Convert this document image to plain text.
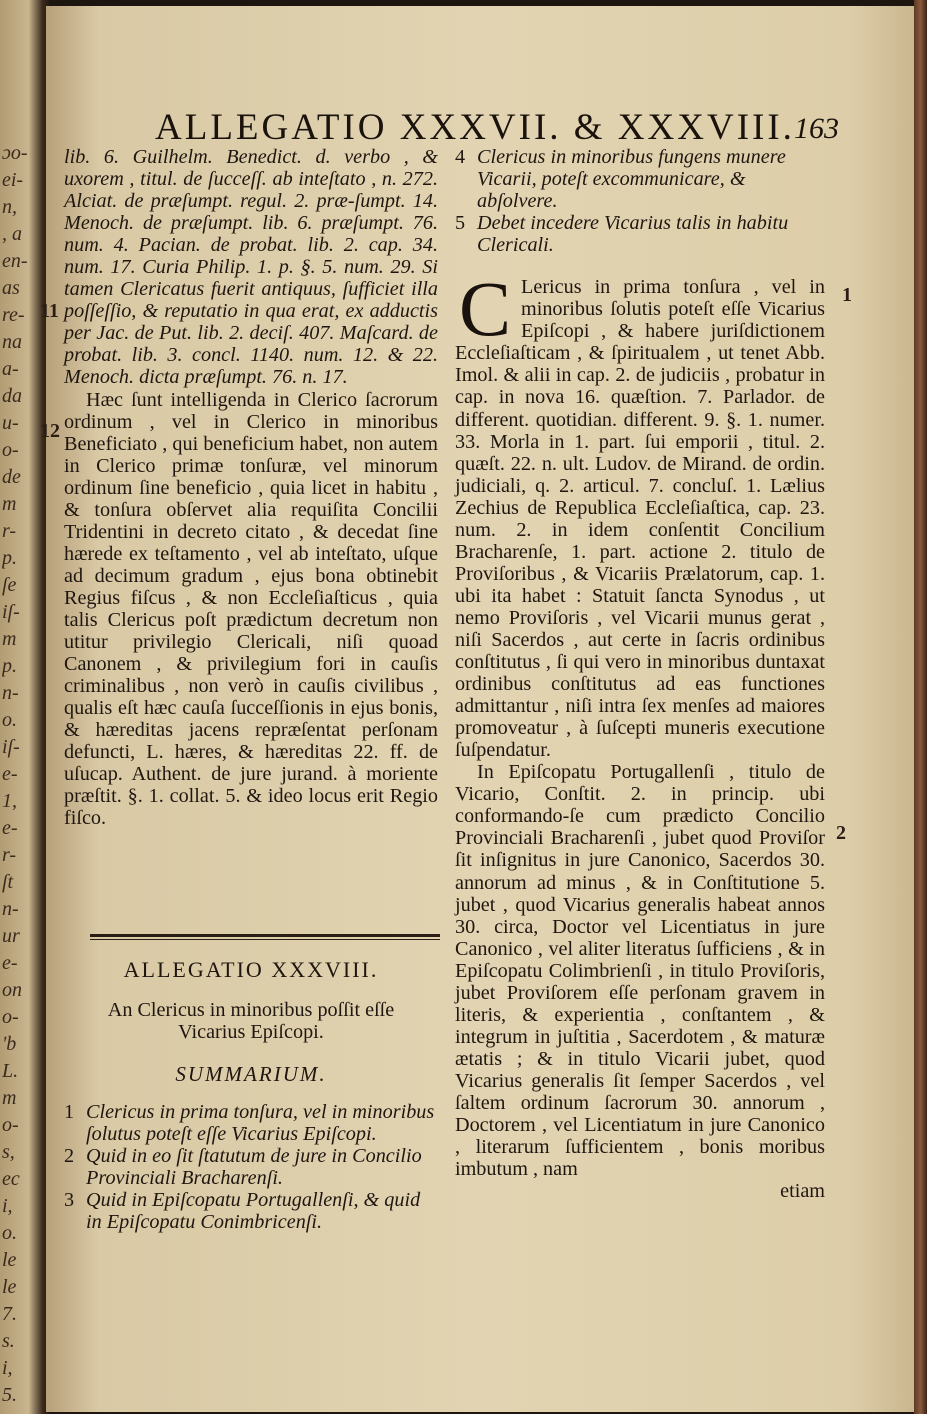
ɔo-
ei-
n,
, a
en-
as
re-
na
a-
da
u-
o-
de
m
r-
p.
ſe
iſ-
m
p.
n-
o.
iſ-
e-
1,
e-
r-
ſt
n-
ur
e-
on
o-
ʹb
L.
m
o-
s,
ec
i,
o.
le
le
7.
s.
i,
5.
ALLEGATIO XXXVII. & XXXVIII. 163
11
12
1
2

lib. 6. Guilhelm. Benedict. d. verbo , & uxorem , titul. de ſucceſſ. ab inteſtato , n. 272. Alciat. de præſumpt. regul. 2. præ-ſumpt. 14. Menoch. de præſumpt. lib. 6. præſumpt. 76. num. 4. Pacian. de probat. lib. 2. cap. 34. num. 17. Curia Philip. 1. p. §. 5. num. 29. Si tamen Clericatus fuerit antiquus, ſufficiet illa poſſeſſio, & reputatio in qua erat, ex adductis per Jac. de Put. lib. 2. deciſ. 407. Maſcard. de probat. lib. 3. concl. 1140. num. 12. & 22. Menoch. dicta præſumpt. 76. n. 17.

Hæc ſunt intelligenda in Clerico ſacrorum ordinum , vel in Clerico in minoribus Beneficiato , qui beneficium habet, non autem in Clerico primæ tonſuræ, vel minorum ordinum ſine beneficio , quia licet in habitu , & tonſura obſervet alia requiſita Concilii Tridentini in decreto citato , & decedat ſine hærede ex teſtamento , vel ab inteſtato, uſque ad decimum gradum , ejus bona obtinebit Regius fiſcus , & non Eccleſiaſticus , quia talis Clericus poſt prædictum decretum non utitur privilegio Clericali, niſi quoad Canonem , & privilegium fori in cauſis criminalibus , non verò in cauſis civilibus , qualis eſt hæc cauſa ſucceſſionis in ejus bonis, & hæreditas jacens repræſentat perſonam defuncti, L. hæres, & hæreditas 22. ff. de uſucap. Authent. de jure jurand. à moriente præſtit. §. 1. collat. 5. & ideo locus erit Regio fiſco.

ALLEGATIO XXXVIII.
An Clericus in minoribus poſſit eſſe Vicarius Epiſcopi.
SUMMARIUM.
1 Clericus in prima tonſura, vel in minoribus ſolutus poteſt eſſe Vicarius Epiſcopi.
2 Quid in eo ſit ſtatutum de jure in Concilio Provinciali Bracharenſi.
3 Quid in Epiſcopatu Portugallenſi, & quid in Epiſcopatu Conimbricenſi.
4 Clericus in minoribus fungens munere Vicarii, poteſt excommunicare, & abſolvere.
5 Debet incedere Vicarius talis in habitu Clericali.

C Lericus in prima tonſura , vel in minoribus ſolutis poteſt eſſe Vicarius Epiſcopi , & habere juriſdictionem Eccleſiaſticam , & ſpiritualem , ut tenet Abb. Imol. & alii in cap. 2. de judiciis , probatur in cap. in nova 16. quæſtion. 7. Parlador. de different. quotidian. different. 9. §. 1. numer. 33. Morla in 1. part. ſui emporii , titul. 2. quæſt. 22. n. ult. Ludov. de Mirand. de ordin. judiciali, q. 2. articul. 7. concluſ. 1. Lælius Zechius de Republica Eccleſiaſtica, cap. 23. num. 2. in idem conſentit Concilium Bracharenſe, 1. part. actione 2. titulo de Proviſoribus , & Vicariis Prælatorum, cap. 1. ubi ita habet : Statuit ſancta Synodus , ut nemo Proviſoris , vel Vicarii munus gerat , niſi Sacerdos , aut certe in ſacris ordinibus conſtitutus , ſi qui vero in minoribus duntaxat ordinibus conſtitutus ad eas functiones admittantur , niſi intra ſex menſes ad maiores promoveatur , à ſuſcepti muneris executione ſuſpendatur.

In Epiſcopatu Portugallenſi , titulo de Vicario, Conſtit. 2. in princip. ubi conformando-ſe cum prædicto Concilio Provinciali Bracharenſi , jubet quod Proviſor ſit inſignitus in jure Canonico, Sacerdos 30. annorum ad minus , & in Conſtitutione 5. jubet , quod Vicarius generalis habeat annos 30. circa, Doctor vel Licentiatus in jure Canonico , vel aliter literatus ſufficiens , & in Epiſcopatu Colimbrienſi , in titulo Proviſoris, jubet Proviſorem eſſe perſonam gravem in literis, & experientia , conſtantem , & integrum in juſtitia , Sacerdotem , & maturæ ætatis ; & in titulo Vicarii jubet, quod Vicarius generalis ſit ſemper Sacerdos , vel ſaltem ordinum ſacrorum 30. annorum , Doctorem , vel Licentiatum in jure Canonico , literarum ſufficientem , bonis moribus imbutum , nam

etiam
